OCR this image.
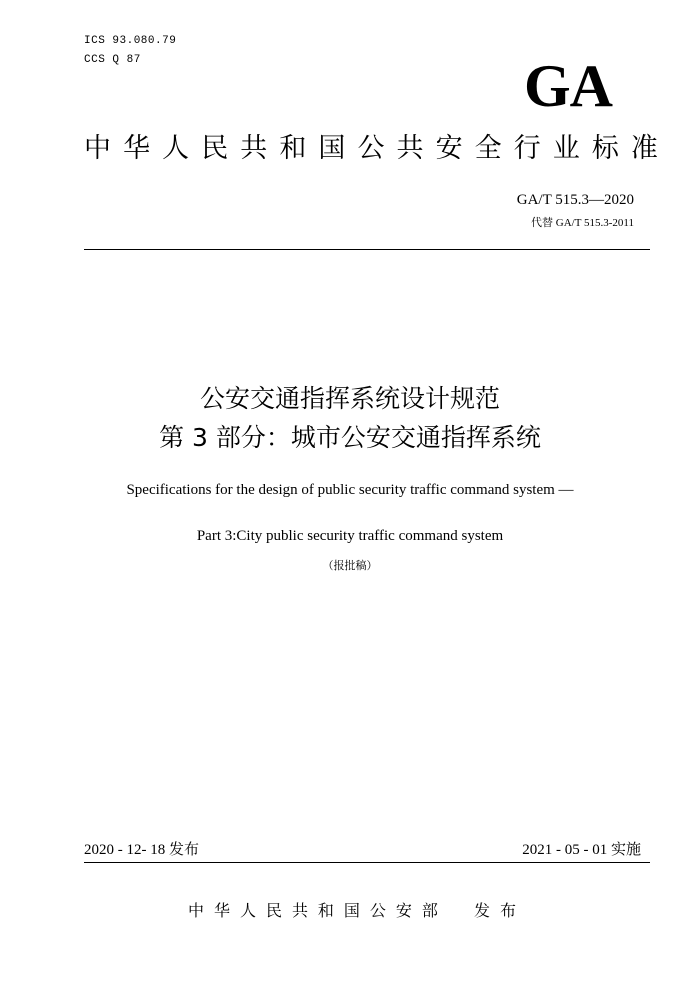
ICS 93.080.79
CCS Q 87	GA
中 华 人 民 共 和 国 公 共 安 全 行 业 标 准
GA/T 515.3—2020
代替 GA/T 515.3-2011
公安交通指挥系统设计规范
第 3 部分：城市公安交通指挥系统
Specifications for the design of public security traffic command system —
Part 3:City public security traffic command system
（报批稿）
2020 - 12- 18 发布	2021 - 05 - 01 实施
中 华 人 民 共 和 国 公 安 部 发 布
